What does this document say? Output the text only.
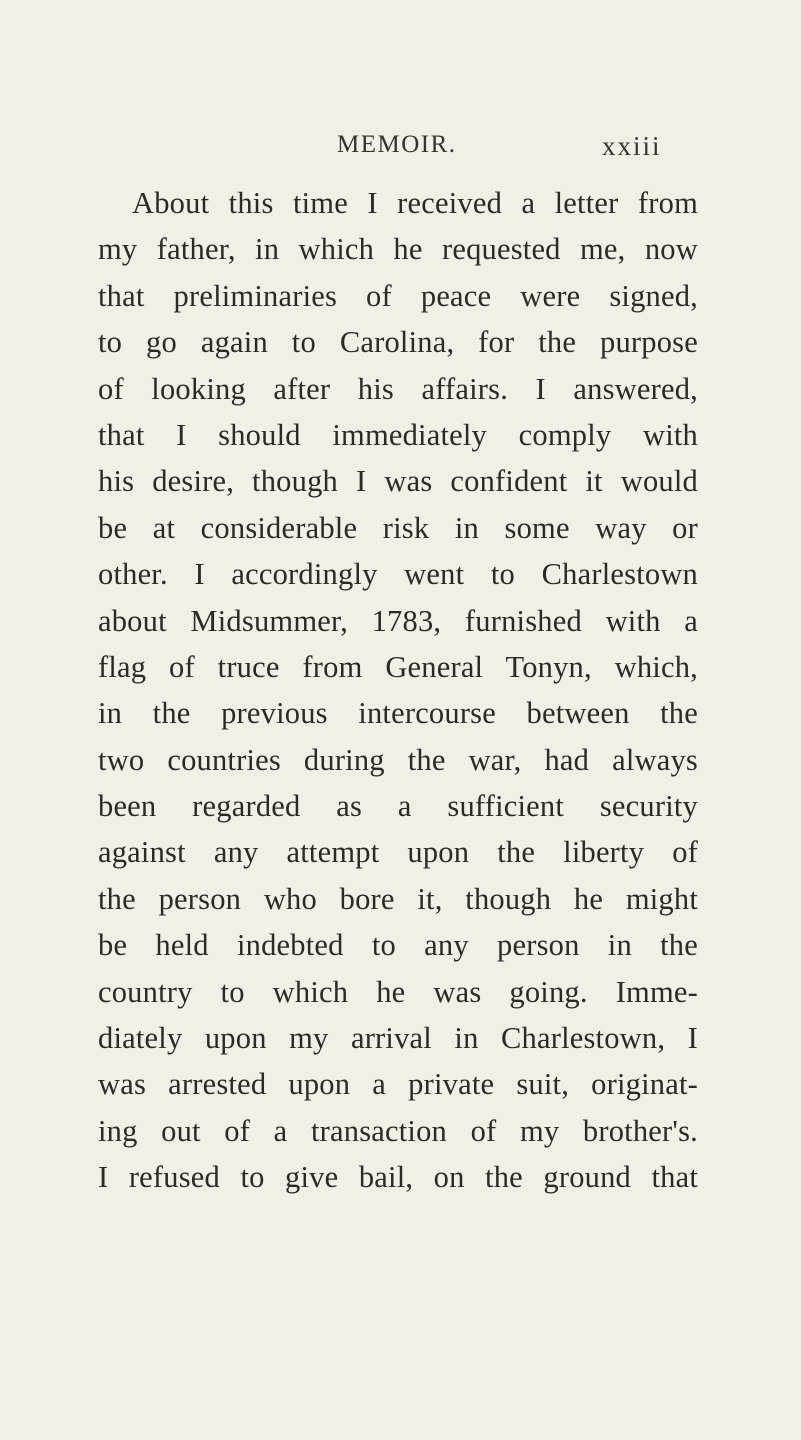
MEMOIR.	xxiii
About this time I received a letter from
my father, in which he requested me, now
that preliminaries of peace were signed,
to go again to Carolina, for the purpose
of looking after his affairs. I answered,
that I should immediately comply with
his desire, though I was confident it would
be at considerable risk in some way or
other. I accordingly went to Charlestown
about Midsummer, 1783, furnished with a
flag of truce from General Tonyn, which,
in the previous intercourse between the
two countries during the war, had always
been regarded as a sufficient security
against any attempt upon the liberty of
the person who bore it, though he might
be held indebted to any person in the
country to which he was going. Imme-
diately upon my arrival in Charlestown, I
was arrested upon a private suit, originat-
ing out of a transaction of my brother's.
I refused to give bail, on the ground that
